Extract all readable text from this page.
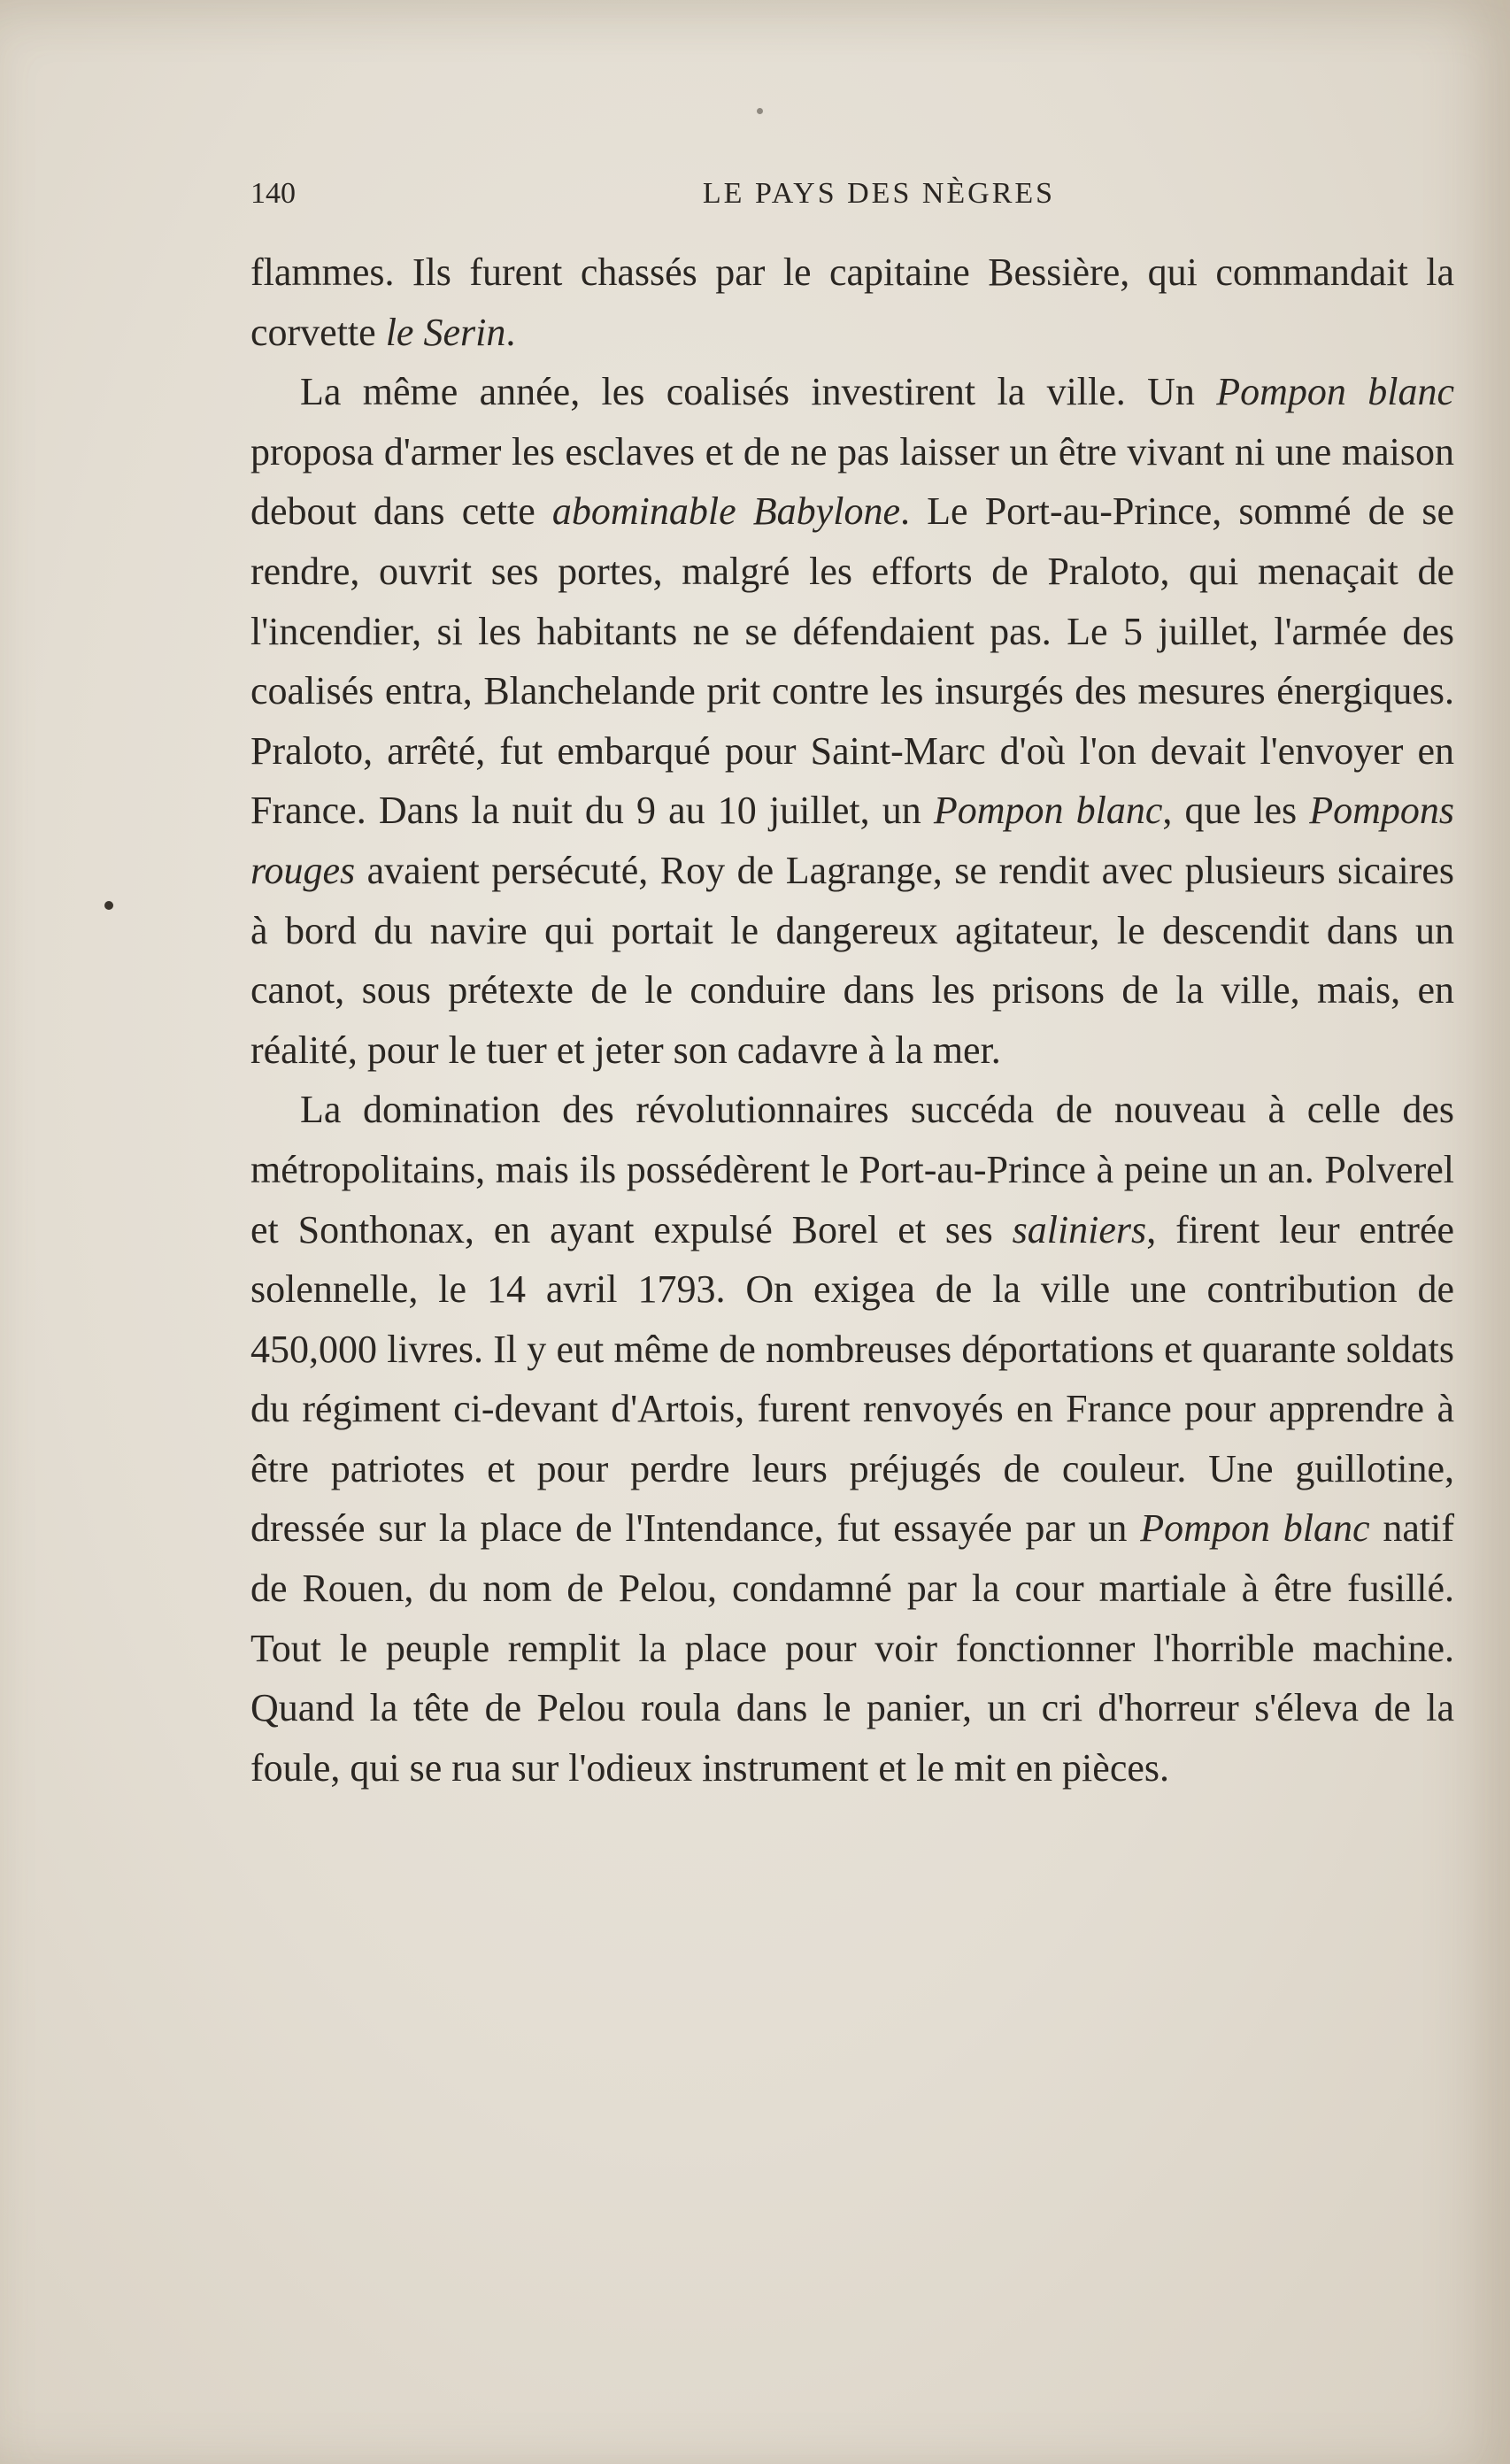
140	LE PAYS DES NÈGRES

flammes. Ils furent chassés par le capitaine Bessière, qui commandait la corvette le Serin.

La même année, les coalisés investirent la ville. Un Pompon blanc proposa d'armer les esclaves et de ne pas laisser un être vivant ni une maison debout dans cette abominable Babylone. Le Port-au-Prince, sommé de se rendre, ouvrit ses portes, malgré les efforts de Praloto, qui menaçait de l'incendier, si les habitants ne se défendaient pas. Le 5 juillet, l'armée des coalisés entra, Blanchelande prit contre les insurgés des mesures énergiques. Praloto, arrêté, fut embarqué pour Saint-Marc d'où l'on devait l'envoyer en France. Dans la nuit du 9 au 10 juillet, un Pompon blanc, que les Pompons rouges avaient persécuté, Roy de Lagrange, se rendit avec plusieurs sicaires à bord du navire qui portait le dangereux agitateur, le descendit dans un canot, sous prétexte de le conduire dans les prisons de la ville, mais, en réalité, pour le tuer et jeter son cadavre à la mer.

La domination des révolutionnaires succéda de nouveau à celle des métropolitains, mais ils possédèrent le Port-au-Prince à peine un an. Polverel et Sonthonax, en ayant expulsé Borel et ses saliniers, firent leur entrée solennelle, le 14 avril 1793. On exigea de la ville une contribution de 450,000 livres. Il y eut même de nombreuses déportations et quarante soldats du régiment ci-devant d'Artois, furent renvoyés en France pour apprendre à être patriotes et pour perdre leurs préjugés de couleur. Une guillotine, dressée sur la place de l'Intendance, fut essayée par un Pompon blanc natif de Rouen, du nom de Pelou, condamné par la cour martiale à être fusillé. Tout le peuple remplit la place pour voir fonctionner l'horrible machine. Quand la tête de Pelou roula dans le panier, un cri d'horreur s'éleva de la foule, qui se rua sur l'odieux instrument et le mit en pièces.
